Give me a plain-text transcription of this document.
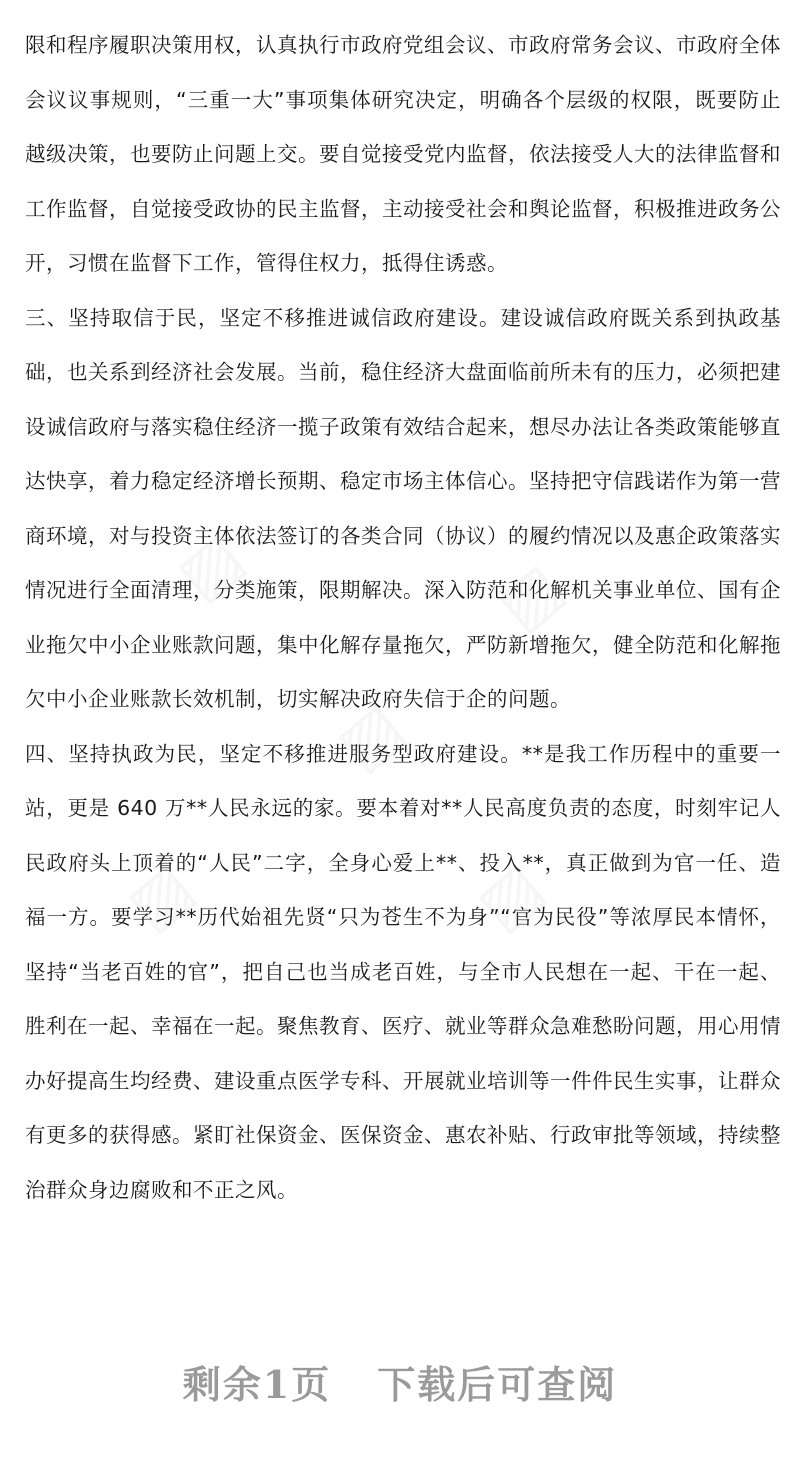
限和程序履职决策用权，认真执行市政府党组会议、市政府常务会议、市政府全体会议议事规则，“三重一大”事项集体研究决定，明确各个层级的权限，既要防止越级决策，也要防止问题上交。要自觉接受党内监督，依法接受人大的法律监督和工作监督，自觉接受政协的民主监督，主动接受社会和舆论监督，积极推进政务公开，习惯在监督下工作，管得住权力，抵得住诱惑。

三、坚持取信于民，坚定不移推进诚信政府建设。建设诚信政府既关系到执政基础，也关系到经济社会发展。当前，稳住经济大盘面临前所未有的压力，必须把建设诚信政府与落实稳住经济一揽子政策有效结合起来，想尽办法让各类政策能够直达快享，着力稳定经济增长预期、稳定市场主体信心。坚持把守信践诺作为第一营商环境，对与投资主体依法签订的各类合同（协议）的履约情况以及惠企政策落实情况进行全面清理，分类施策，限期解决。深入防范和化解机关事业单位、国有企业拖欠中小企业账款问题，集中化解存量拖欠，严防新增拖欠，健全防范和化解拖欠中小企业账款长效机制，切实解决政府失信于企的问题。

四、坚持执政为民，坚定不移推进服务型政府建设。**是我工作历程中的重要一站，更是 640 万**人民永远的家。要本着对**人民高度负责的态度，时刻牢记人民政府头上顶着的“人民”二字，全身心爱上**、投入**，真正做到为官一任、造福一方。要学习**历代始祖先贤“只为苍生不为身”“官为民役”等浓厚民本情怀，坚持“当老百姓的官”，把自己也当成老百姓，与全市人民想在一起、干在一起、胜利在一起、幸福在一起。聚焦教育、医疗、就业等群众急难愁盼问题，用心用情办好提高生均经费、建设重点医学专科、开展就业培训等一件件民生实事，让群众有更多的获得感。紧盯社保资金、医保资金、惠农补贴、行政审批等领域，持续整治群众身边腐败和不正之风。

▨	▨
▨
▨	▨
剩余1页 下载后可查阅
